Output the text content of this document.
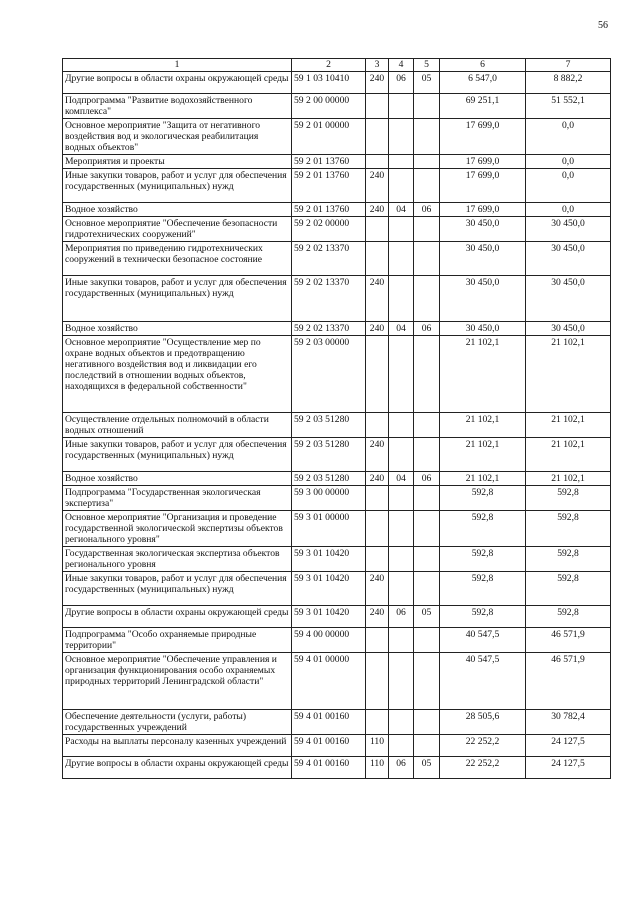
56
1	2	3	4	5	6	7
Другие вопросы в области охраны окружающей среды	59 1 03 10410	240	06	05	6 547,0	8 882,2
Подпрограмма "Развитие водохозяйственного комплекса"	59 2 00 00000				69 251,1	51 552,1
Основное мероприятие "Защита от негативного воздействия вод и экологическая реабилитация водных объектов"	59 2 01 00000				17 699,0	0,0
Мероприятия и проекты	59 2 01 13760				17 699,0	0,0
Иные закупки товаров, работ и услуг для обеспечения государственных (муниципальных) нужд	59 2 01 13760	240			17 699,0	0,0
Водное хозяйство	59 2 01 13760	240	04	06	17 699,0	0,0
Основное мероприятие "Обеспечение безопасности гидротехнических сооружений"	59 2 02 00000				30 450,0	30 450,0
Мероприятия по приведению гидротехнических сооружений в технически безопасное состояние	59 2 02 13370				30 450,0	30 450,0
Иные закупки товаров, работ и услуг для обеспечения государственных (муниципальных) нужд	59 2 02 13370	240			30 450,0	30 450,0
Водное хозяйство	59 2 02 13370	240	04	06	30 450,0	30 450,0
Основное мероприятие "Осуществление мер по охране водных объектов и предотвращению негативного воздействия вод и ликвидации его последствий в отношении водных объектов, находящихся в федеральной собственности"	59 2 03 00000				21 102,1	21 102,1
Осуществление отдельных полномочий в области водных отношений	59 2 03 51280				21 102,1	21 102,1
Иные закупки товаров, работ и услуг для обеспечения государственных (муниципальных) нужд	59 2 03 51280	240			21 102,1	21 102,1
Водное хозяйство	59 2 03 51280	240	04	06	21 102,1	21 102,1
Подпрограмма "Государственная экологическая экспертиза"	59 3 00 00000				592,8	592,8
Основное мероприятие "Организация и проведение государственной экологической экспертизы объектов регионального уровня"	59 3 01 00000				592,8	592,8
Государственная экологическая экспертиза объектов регионального уровня	59 3 01 10420				592,8	592,8
Иные закупки товаров, работ и услуг для обеспечения государственных (муниципальных) нужд	59 3 01 10420	240			592,8	592,8
Другие вопросы в области охраны окружающей среды	59 3 01 10420	240	06	05	592,8	592,8
Подпрограмма "Особо охраняемые природные территории"	59 4 00 00000				40 547,5	46 571,9
Основное мероприятие "Обеспечение управления и организация функционирования особо охраняемых природных территорий Ленинградской области"	59 4 01 00000				40 547,5	46 571,9
Обеспечение деятельности (услуги, работы) государственных учреждений	59 4 01 00160				28 505,6	30 782,4
Расходы на выплаты персоналу казенных учреждений	59 4 01 00160	110			22 252,2	24 127,5
Другие вопросы в области охраны окружающей среды	59 4 01 00160	110	06	05	22 252,2	24 127,5
